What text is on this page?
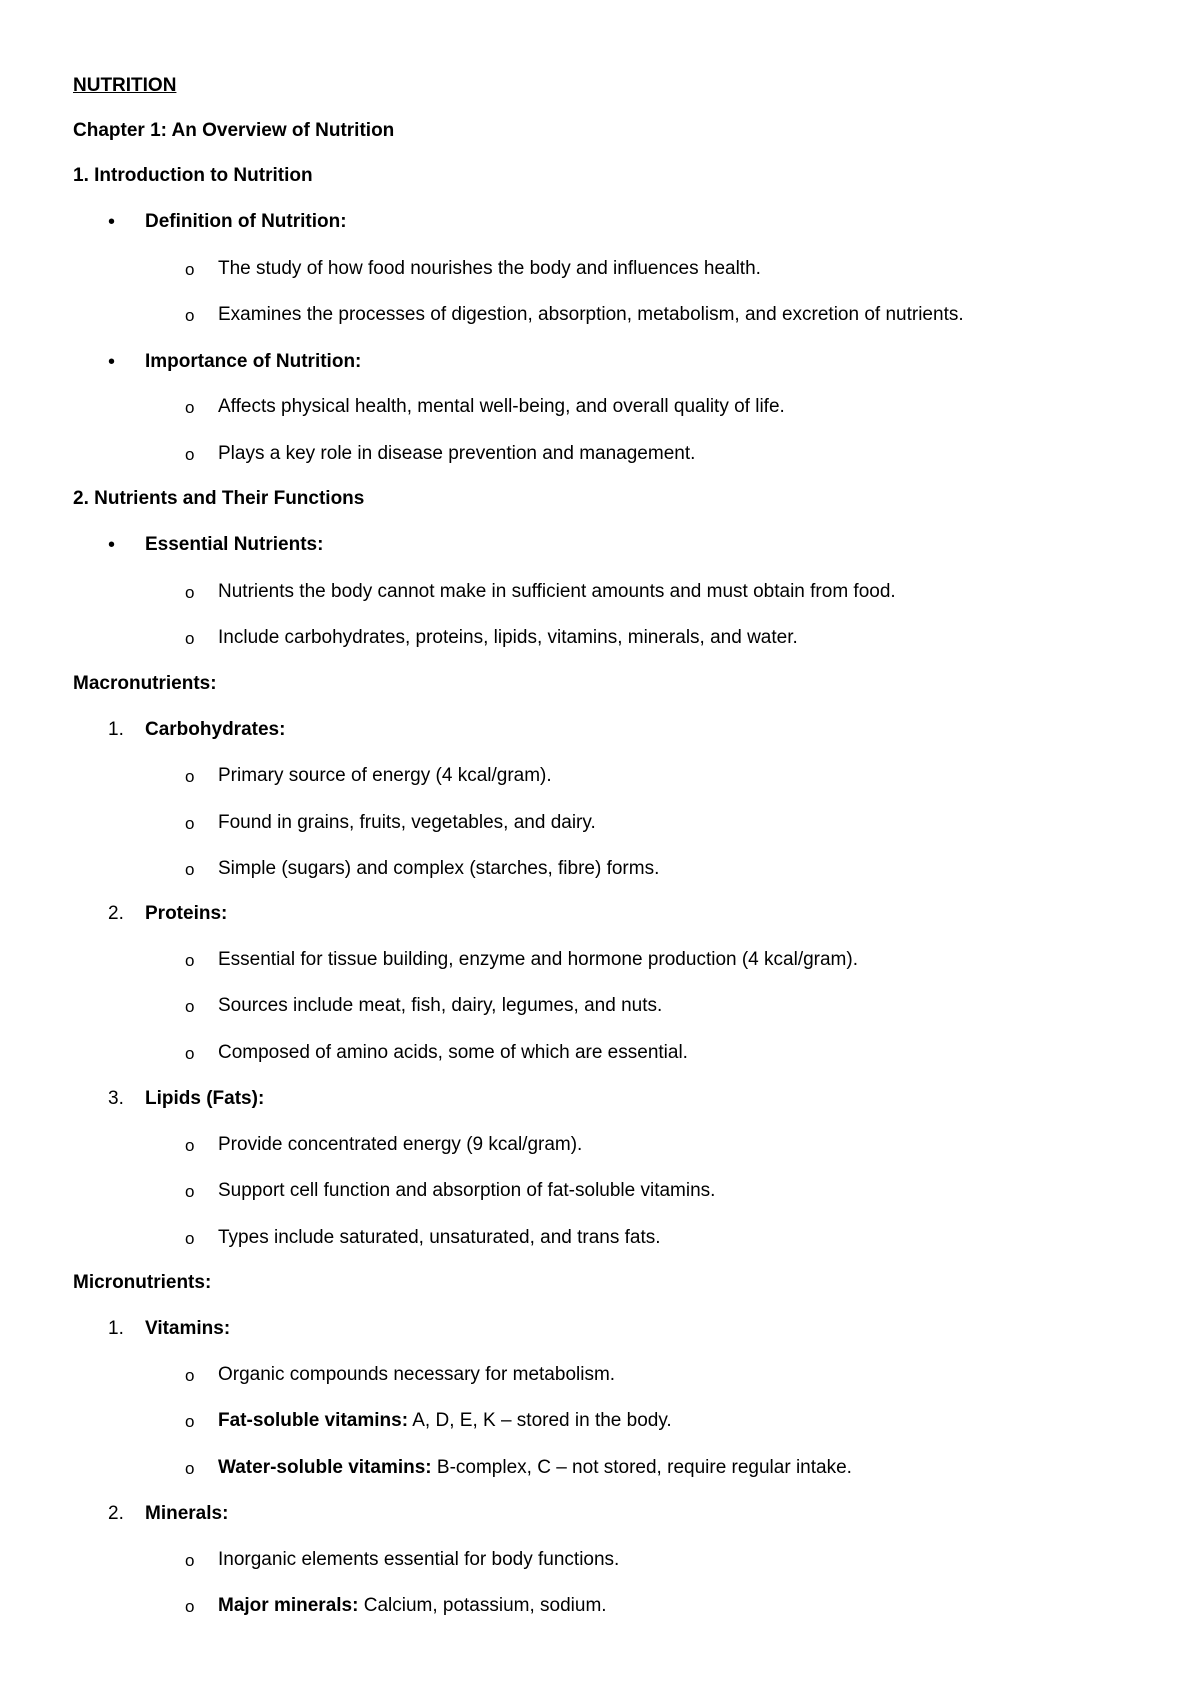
NUTRITION
Chapter 1: An Overview of Nutrition
1. Introduction to Nutrition
• Definition of Nutrition:
o The study of how food nourishes the body and influences health.
o Examines the processes of digestion, absorption, metabolism, and excretion of nutrients.
• Importance of Nutrition:
o Affects physical health, mental well-being, and overall quality of life.
o Plays a key role in disease prevention and management.
2. Nutrients and Their Functions
• Essential Nutrients:
o Nutrients the body cannot make in sufficient amounts and must obtain from food.
o Include carbohydrates, proteins, lipids, vitamins, minerals, and water.
Macronutrients:
1. Carbohydrates:
o Primary source of energy (4 kcal/gram).
o Found in grains, fruits, vegetables, and dairy.
o Simple (sugars) and complex (starches, fibre) forms.
2. Proteins:
o Essential for tissue building, enzyme and hormone production (4 kcal/gram).
o Sources include meat, fish, dairy, legumes, and nuts.
o Composed of amino acids, some of which are essential.
3. Lipids (Fats):
o Provide concentrated energy (9 kcal/gram).
o Support cell function and absorption of fat-soluble vitamins.
o Types include saturated, unsaturated, and trans fats.
Micronutrients:
1. Vitamins:
o Organic compounds necessary for metabolism.
o Fat-soluble vitamins: A, D, E, K – stored in the body.
o Water-soluble vitamins: B-complex, C – not stored, require regular intake.
2. Minerals:
o Inorganic elements essential for body functions.
o Major minerals: Calcium, potassium, sodium.
